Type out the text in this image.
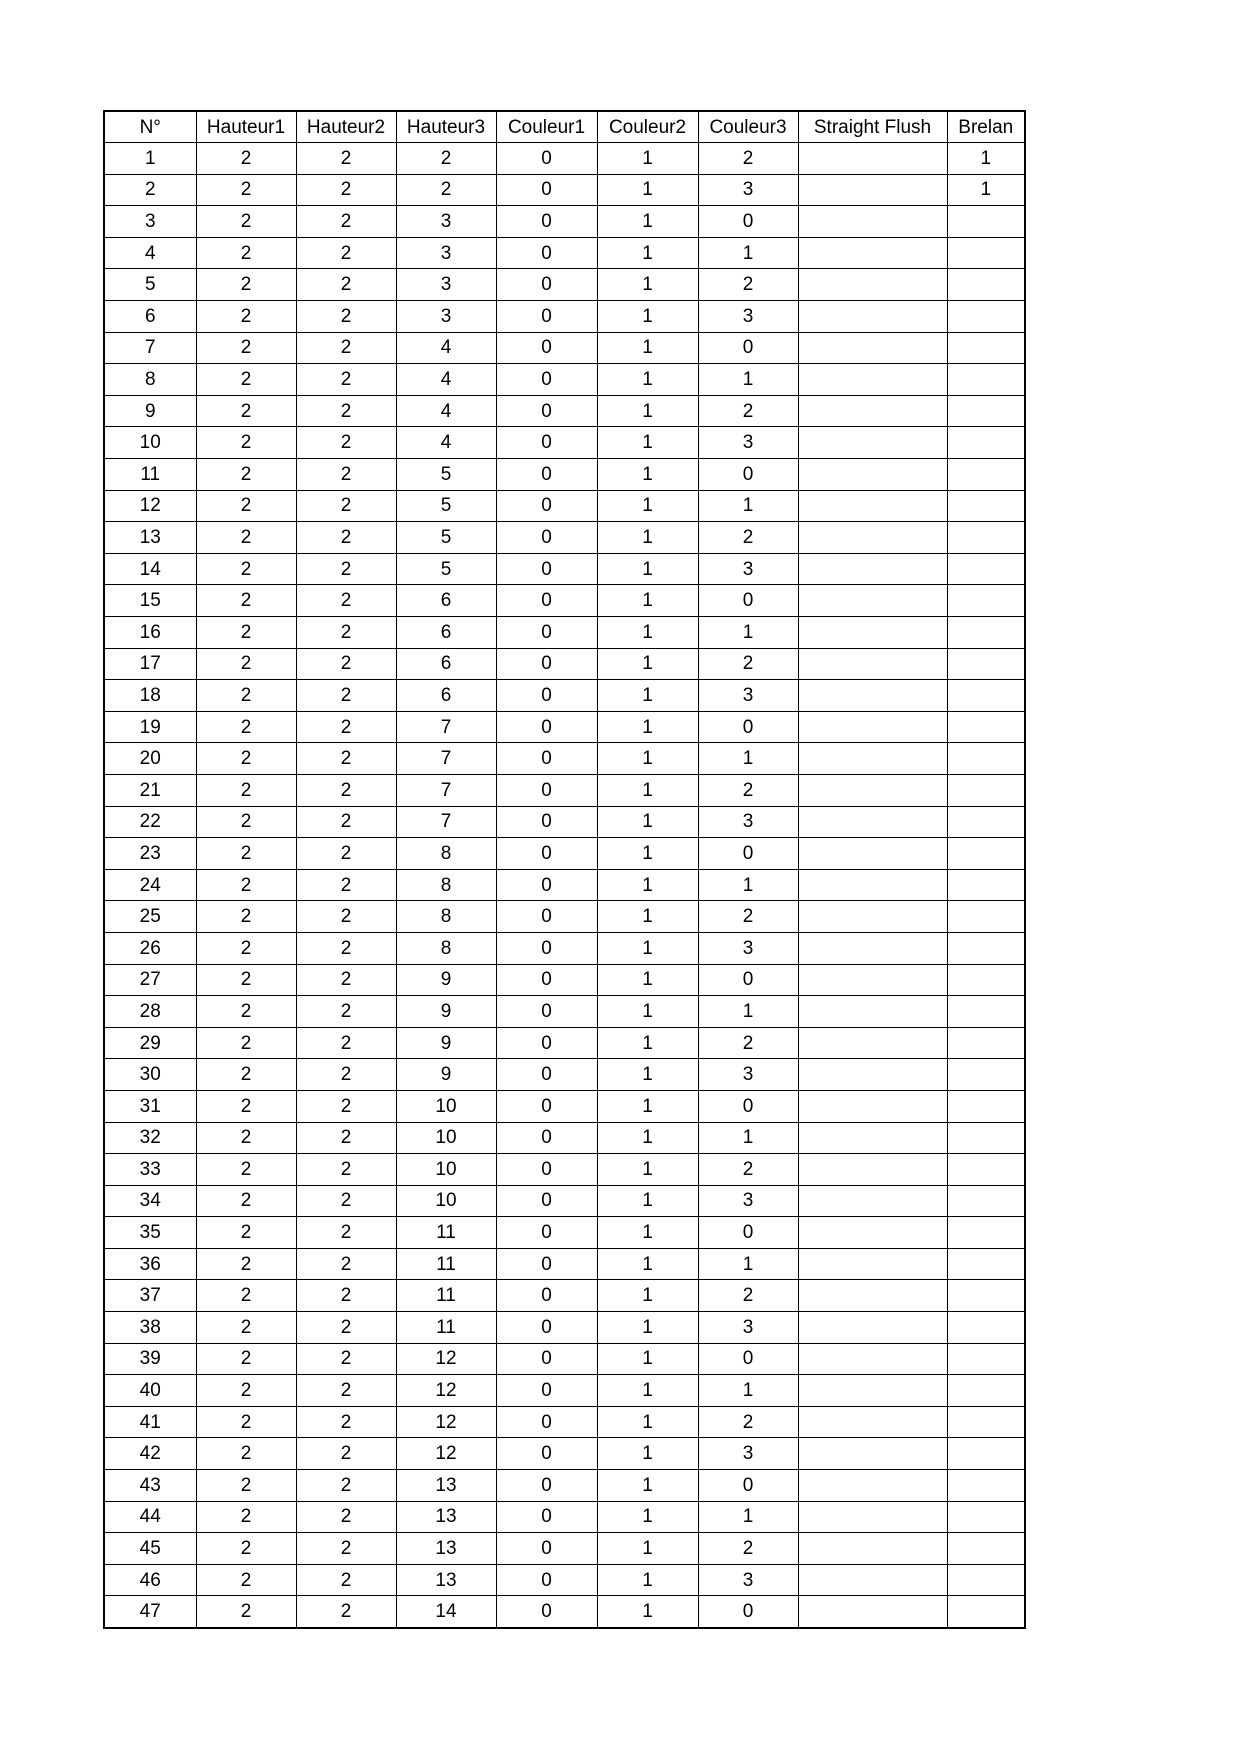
N°	Hauteur1	Hauteur2	Hauteur3	Couleur1	Couleur2	Couleur3	Straight Flush	Brelan
1	2	2	2	0	1	2		1
2	2	2	2	0	1	3		1
3	2	2	3	0	1	0		
4	2	2	3	0	1	1		
5	2	2	3	0	1	2		
6	2	2	3	0	1	3		
7	2	2	4	0	1	0		
8	2	2	4	0	1	1		
9	2	2	4	0	1	2		
10	2	2	4	0	1	3		
11	2	2	5	0	1	0		
12	2	2	5	0	1	1		
13	2	2	5	0	1	2		
14	2	2	5	0	1	3		
15	2	2	6	0	1	0		
16	2	2	6	0	1	1		
17	2	2	6	0	1	2		
18	2	2	6	0	1	3		
19	2	2	7	0	1	0		
20	2	2	7	0	1	1		
21	2	2	7	0	1	2		
22	2	2	7	0	1	3		
23	2	2	8	0	1	0		
24	2	2	8	0	1	1		
25	2	2	8	0	1	2		
26	2	2	8	0	1	3		
27	2	2	9	0	1	0		
28	2	2	9	0	1	1		
29	2	2	9	0	1	2		
30	2	2	9	0	1	3		
31	2	2	10	0	1	0		
32	2	2	10	0	1	1		
33	2	2	10	0	1	2		
34	2	2	10	0	1	3		
35	2	2	11	0	1	0		
36	2	2	11	0	1	1		
37	2	2	11	0	1	2		
38	2	2	11	0	1	3		
39	2	2	12	0	1	0		
40	2	2	12	0	1	1		
41	2	2	12	0	1	2		
42	2	2	12	0	1	3		
43	2	2	13	0	1	0		
44	2	2	13	0	1	1		
45	2	2	13	0	1	2		
46	2	2	13	0	1	3		
47	2	2	14	0	1	0		
